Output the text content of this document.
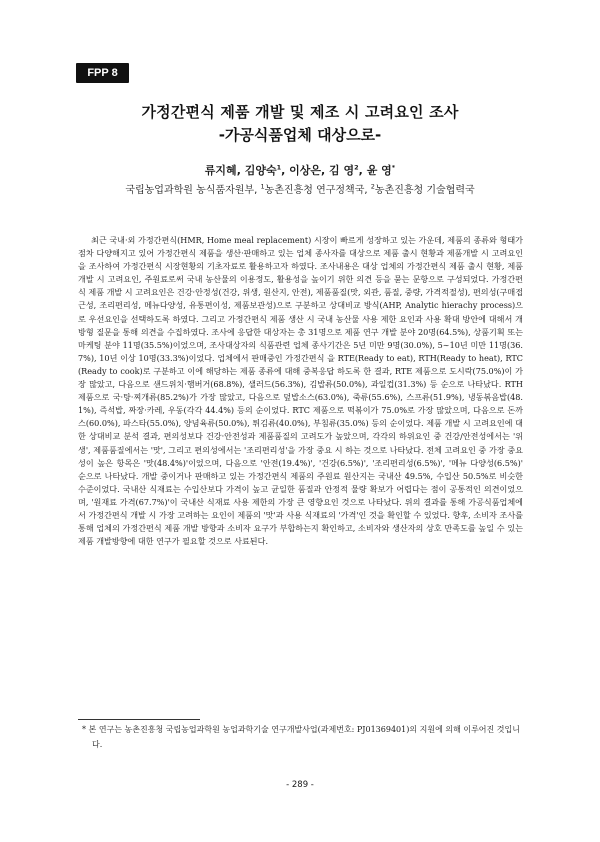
FPP 8
가정간편식 제품 개발 및 제조 시 고려요인 조사
-가공식품업체 대상으로-
류지혜, 김양숙$^1$, 이상은, 김 영$^2$, 윤 영*
국립농업과학원 농식품자원부, $^1$농촌진흥청 연구정책국, $^2$농촌진흥청 기술협력국
최근 국내·외 가정간편식(HMR, Home meal replacement) 시장이 빠르게 성장하고 있는 가운데, 제품의 종류와 형태가 점차 다양해지고 있어 가정간편식 제품을 생산·판매하고 있는 업체 종사자를 대상으로 제품 출시 현황과 제품개발 시 고려요인을 조사하여 가정간편식 시장현황의 기초자료로 활용하고자 하였다. 조사내용은 대상 업체의 가정간편식 제품 출시 현황, 제품 개발 시 고려요인, 주원료로써 국내 농산물의 이용정도, 활용성을 높이기 위한 의견 등을 묻는 문항으로 구성되었다. 가정간편식 제품 개발 시 고려요인은 건강·안정성(건강, 위생, 원산지, 안전), 제품품질(맛, 외관, 품질, 중량, 가격적절성), 편의성(구매접근성, 조리편리성, 메뉴다양성, 유통편이성, 제품보관성)으로 구분하고 상대비교 방식(AHP, Analytic hierachy process)으로 우선요인을 선택하도록 하였다. 그리고 가정간편식 제품 생산 시 국내 농산물 사용 제한 요인과 사용 확대 방안에 대해서 개방형 질문을 통해 의견을 수집하였다. 조사에 응답한 대상자는 총 31명으로 제품 연구 개발 분야 20명(64.5%), 상품기획 또는 마케팅 분야 11명(35.5%)이었으며, 조사대상자의 식품관련 업체 종사기간은 5년 미만 9명(30.0%), 5∼10년 미만 11명(36.7%), 10년 이상 10명(33.3%)이었다. 업체에서 판매중인 가정간편식 을 RTE(Ready to eat), RTH(Ready to heat), RTC(Ready to cook)로 구분하고 이에 해당하는 제품 종류에 대해 중복응답 하도록 한 결과, RTE 제품으로 도시락(75.0%)이 가장 많았고, 다음으로 샌드위치·햄버거(68.8%), 샐러드(56.3%), 김밥류(50.0%), 과일컵(31.3%) 등 순으로 나타났다. RTH 제품으로 국·탕·찌개류(85.2%)가 가장 많았고, 다음으로 덮밥소스(63.0%), 죽류(55.6%), 스프류(51.9%), 냉동볶음밥(48.1%), 즉석밥, 짜장·카레, 우동(각각 44.4%) 등의 순이었다. RTC 제품으로 떡볶이가 75.0%로 가장 많았으며, 다음으로 돈까스(60.0%), 파스타(55.0%), 양념육류(50.0%), 튀김류(40.0%), 부침류(35.0%) 등의 순이었다. 제품 개발 시 고려요인에 대한 상대비교 분석 결과, 편의성보다 건강·안전성과 제품품질의 고려도가 높았으며, 각각의 하위요인 중 건강/안전성에서는 '위생', 제품품질에서는 '맛', 그리고 편의성에서는 '조리편리성'을 가장 중요 시 하는 것으로 나타났다. 전체 고려요인 중 가장 중요성이 높은 항목은 '맛(48.4%)'이었으며, 다음으로 '안전(19.4%)', '건강(6.5%)', '조리편리성(6.5%)', '메뉴 다양성(6.5%)' 순으로 나타났다. 개발 중이거나 판매하고 있는 가정간편식 제품의 주원료 원산지는 국내산 49.5%, 수입산 50.5%로 비슷한 수준이었다. 국내산 식재료는 수입산보다 가격이 높고 균일한 품질과 안정적 물량 확보가 어렵다는 점이 공통적인 의견이었으며, '원재료 가격(67.7%)'이 국내산 식재료 사용 제한의 가장 큰 영향요인 것으로 나타났다. 위의 결과를 통해 가공식품업체에서 가정간편식 개발 시 가장 고려하는 요인이 제품의 '맛'과 사용 식재료의 '가격'인 것을 확인할 수 있었다. 향후, 소비자 조사를 통해 업체의 가정간편식 제품 개발 방향과 소비자 요구가 부합하는지 확인하고, 소비자와 생산자의 상호 만족도를 높일 수 있는 제품 개발방향에 대한 연구가 필요할 것으로 사료된다.
* 본 연구는 농촌진흥청 국립농업과학원 농업과학기술 연구개발사업(과제번호: PJ01369401)의 지원에 의해 이루어진 것입니다.
- 289 -
